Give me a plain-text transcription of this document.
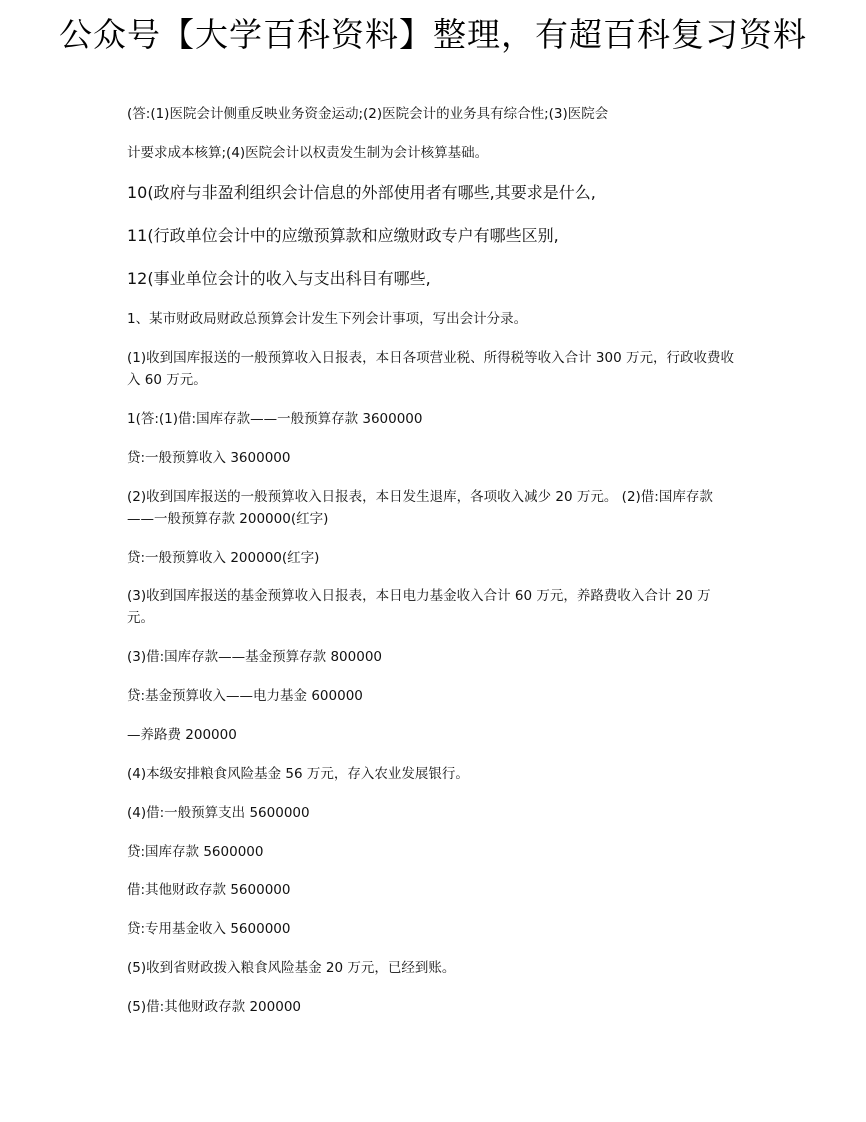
公众号【大学百科资料】整理，有超百科复习资料
(答:(1)医院会计侧重反映业务资金运动;(2)医院会计的业务具有综合性;(3)医院会
计要求成本核算;(4)医院会计以权责发生制为会计核算基础。
10(政府与非盈利组织会计信息的外部使用者有哪些,其要求是什么,
11(行政单位会计中的应缴预算款和应缴财政专户有哪些区别,
12(事业单位会计的收入与支出科目有哪些,
1、某市财政局财政总预算会计发生下列会计事项，写出会计分录。
(1)收到国库报送的一般预算收入日报表，本日各项营业税、所得税等收入合计 300 万元，行政收费收入 60 万元。
1(答:(1)借:国库存款——一般预算存款 3600000
贷:一般预算收入 3600000
(2)收到国库报送的一般预算收入日报表，本日发生退库，各项收入减少 20 万元。 (2)借:国库存款——一般预算存款 200000(红字)
贷:一般预算收入 200000(红字)
(3)收到国库报送的基金预算收入日报表，本日电力基金收入合计 60 万元，养路费收入合计 20 万元。
(3)借:国库存款——基金预算存款 800000
贷:基金预算收入——电力基金 600000
—养路费 200000
(4)本级安排粮食风险基金 56 万元，存入农业发展银行。
(4)借:一般预算支出 5600000
贷:国库存款 5600000
借:其他财政存款 5600000
贷:专用基金收入 5600000
(5)收到省财政拨入粮食风险基金 20 万元，已经到账。
(5)借:其他财政存款 200000
